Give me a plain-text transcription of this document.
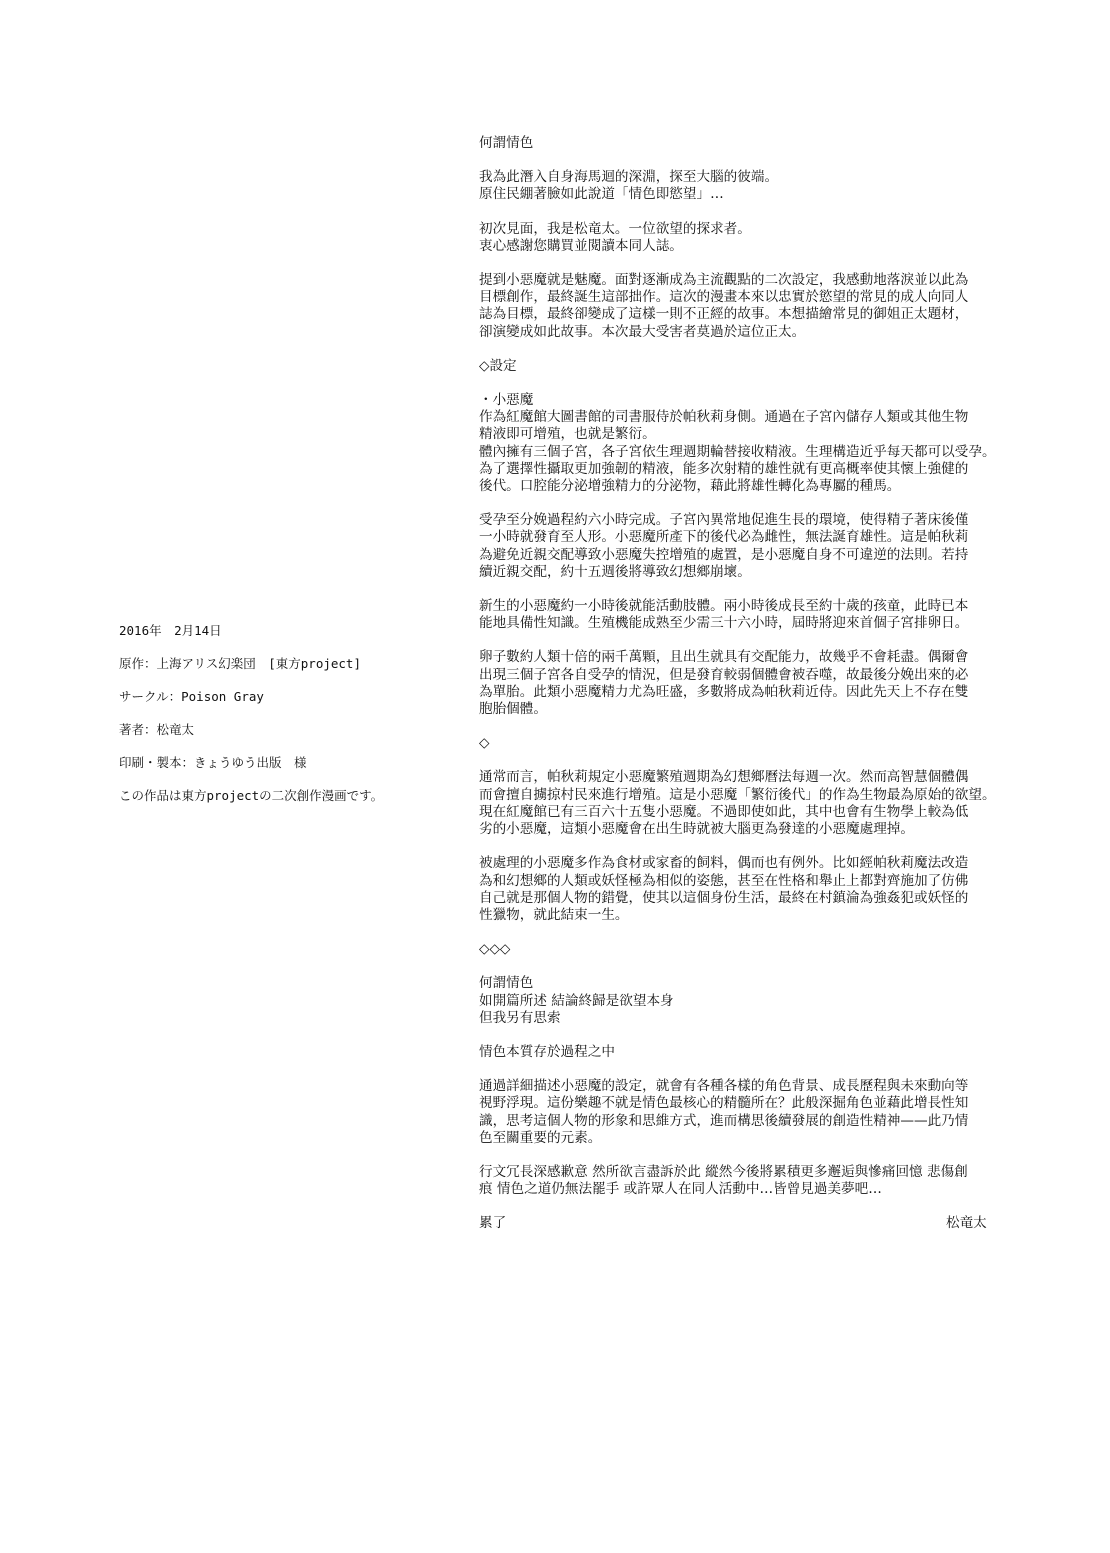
2016年　2月14日
原作：上海アリス幻楽団　[東方project]
サークル：Poison Gray
著者：松竜太
印刷・製本：きょうゆう出版　様
この作品は東方projectの二次創作漫画です。
何謂情色
我為此潛入自身海馬迴的深淵，探至大腦的彼端。
原住民綳著臉如此說道「情色即慾望」…
初次見面，我是松竜太。一位欲望的探求者。
衷心感謝您購買並閱讀本同人誌。
提到小惡魔就是魅魔。面對逐漸成為主流觀點的二次設定，我感動地落淚並以此為
目標創作，最終誕生這部拙作。這次的漫畫本來以忠實於慾望的常見的成人向同人
誌為目標，最終卻變成了這樣一則不正經的故事。本想描繪常見的御姐正太題材，
卻演變成如此故事。本次最大受害者莫過於這位正太。
◇設定
・小惡魔
作為紅魔館大圖書館的司書服侍於帕秋莉身側。通過在子宮內儲存人類或其他生物
精液即可增殖，也就是繁衍。
體內擁有三個子宮，各子宮依生理週期輪替接收精液。生理構造近乎每天都可以受孕。
為了選擇性攝取更加強韌的精液，能多次射精的雄性就有更高概率使其懷上強健的
後代。口腔能分泌增強精力的分泌物，藉此將雄性轉化為專屬的種馬。
受孕至分娩過程約六小時完成。子宮內異常地促進生長的環境，使得精子著床後僅
一小時就發育至人形。小惡魔所產下的後代必為雌性，無法誕育雄性。這是帕秋莉
為避免近親交配導致小惡魔失控增殖的處置，是小惡魔自身不可違逆的法則。若持
續近親交配，約十五週後將導致幻想鄉崩壞。
新生的小惡魔約一小時後就能活動肢體。兩小時後成長至約十歲的孩童，此時已本
能地具備性知識。生殖機能成熟至少需三十六小時，屆時將迎來首個子宮排卵日。
卵子數約人類十倍的兩千萬顆，且出生就具有交配能力，故幾乎不會耗盡。偶爾會
出現三個子宮各自受孕的情況，但是發育較弱個體會被吞噬，故最後分娩出來的必
為單胎。此類小惡魔精力尤為旺盛，多數將成為帕秋莉近侍。因此先天上不存在雙
胞胎個體。
◇
通常而言，帕秋莉規定小惡魔繁殖週期為幻想鄉曆法每週一次。然而高智慧個體偶
而會擅自擄掠村民來進行增殖。這是小惡魔「繁衍後代」的作為生物最為原始的欲望。
現在紅魔館已有三百六十五隻小惡魔。不過即使如此，其中也會有生物學上較為低
劣的小惡魔，這類小惡魔會在出生時就被大腦更為發達的小惡魔處理掉。
被處理的小惡魔多作為食材或家畜的飼料，偶而也有例外。比如經帕秋莉魔法改造
為和幻想鄉的人類或妖怪極為相似的姿態，甚至在性格和舉止上都對齊施加了仿佛
自己就是那個人物的錯覺，使其以這個身份生活，最終在村鎮淪為強姦犯或妖怪的
性獵物，就此結束一生。
◇◇◇
何謂情色
如開篇所述 結論終歸是欲望本身
但我另有思索
情色本質存於過程之中
通過詳細描述小惡魔的設定，就會有各種各樣的角色背景、成長歷程與未來動向等
視野浮現。這份樂趣不就是情色最核心的精髓所在？此般深掘角色並藉此增長性知
識，思考這個人物的形象和思維方式，進而構思後續發展的創造性精神——此乃情
色至關重要的元素。
行文冗長深感歉意 然所欲言盡訴於此 縱然今後將累積更多邂逅與慘痛回憶 悲傷創
痕 情色之道仍無法罷手 或許眾人在同人活動中…皆曾見過美夢吧…
累了	松竜太
